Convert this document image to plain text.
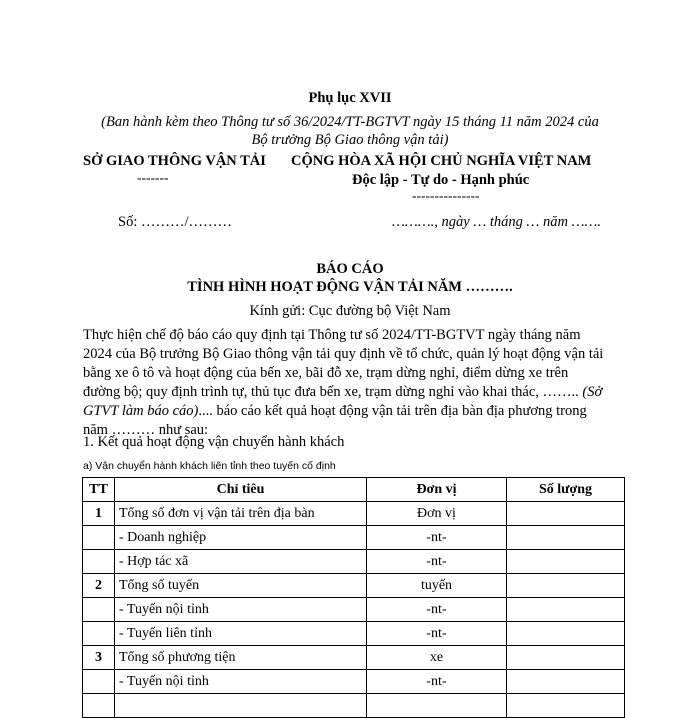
Phụ lục XVII
(Ban hành kèm theo Thông tư số 36/2024/TT-BGTVT ngày 15 tháng 11 năm 2024 của
Bộ trưởng Bộ Giao thông vận tải)
SỞ GIAO THÔNG VẬN TẢI
-------
CỘNG HÒA XÃ HỘI CHỦ NGHĨA VIỆT NAM
Độc lập - Tự do - Hạnh phúc
---------------
Số: ………/………	………., ngày … tháng … năm …….
BÁO CÁO
TÌNH HÌNH HOẠT ĐỘNG VẬN TẢI NĂM ……….
Kính gửi: Cục đường bộ Việt Nam
Thực hiện chế độ báo cáo quy định tại Thông tư số 2024/TT-BGTVT ngày tháng năm
2024 của Bộ trưởng Bộ Giao thông vận tải quy định về tổ chức, quản lý hoạt động vận tải
bằng xe ô tô và hoạt động của bến xe, bãi đỗ xe, trạm dừng nghỉ, điểm dừng xe trên
đường bộ; quy định trình tự, thủ tục đưa bến xe, trạm dừng nghỉ vào khai thác, …….. (Sở
GTVT làm báo cáo).... báo cáo kết quả hoạt động vận tải trên địa bàn địa phương trong
năm ……… như sau:
1. Kết quả hoạt động vận chuyển hành khách
a) Vận chuyển hành khách liên tỉnh theo tuyến cố định
TT	Chỉ tiêu	Đơn vị	Số lượng
1	Tổng số đơn vị vận tải trên địa bàn	Đơn vị	
	- Doanh nghiệp	-nt-	
	- Hợp tác xã	-nt-	
2	Tổng số tuyến	tuyến	
	- Tuyến nội tỉnh	-nt-	
	- Tuyến liên tỉnh	-nt-	
3	Tổng số phương tiện	xe	
	- Tuyến nội tỉnh	-nt-	
